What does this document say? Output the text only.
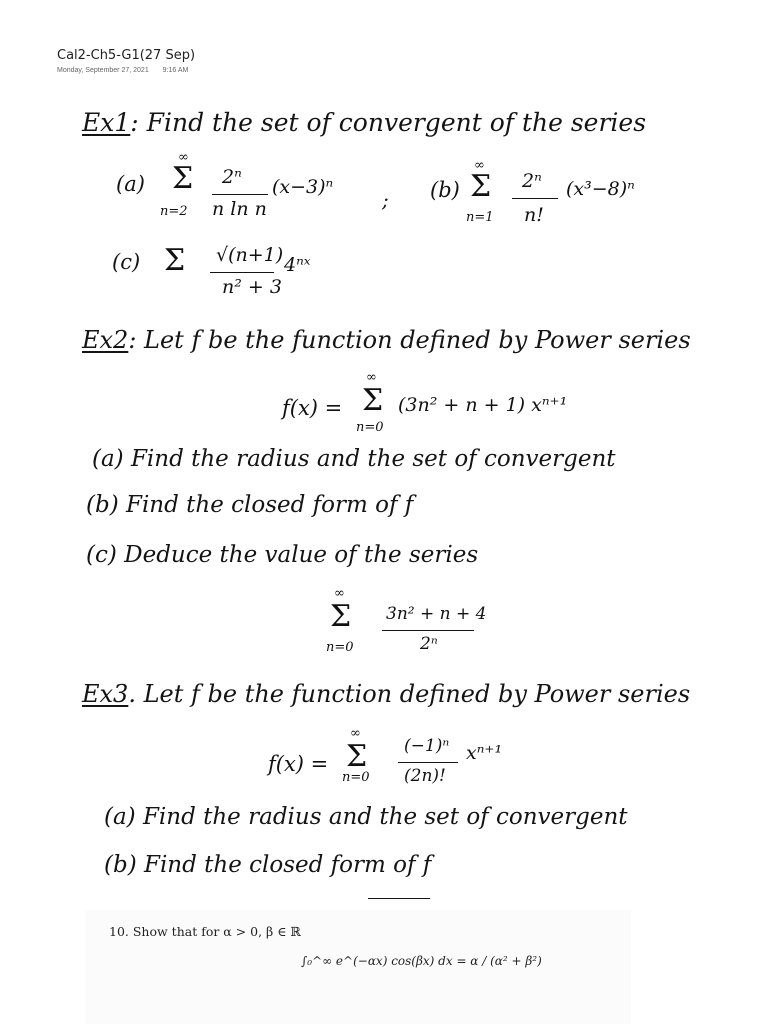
Cal2-Ch5-G1(27 Sep)
Monday, September 27, 2021 9:16 AM
Ex1: Find the set of convergent of the series
(a)
∞
Σ
n=2
2ⁿ
n ln n
(x−3)ⁿ
; (b)
∞
Σ
n=1
2ⁿ
n!
(x³−8)ⁿ
(c) Σ √(n+1)
n² + 3
4ⁿˣ
Ex2: Let f be the function defined by Power series
f(x) =
∞
Σ
n=0
(3n² + n + 1) xⁿ⁺¹
(a) Find the radius and the set of convergent
(b) Find the closed form of f
(c) Deduce the value of the series
∞
Σ
n=0
3n² + n + 4
2ⁿ
Ex3. Let f be the function defined by Power series
f(x) =
∞
Σ
n=0
(−1)ⁿ
(2n)!
xⁿ⁺¹
(a) Find the radius and the set of convergent
(b) Find the closed form of f
10. Show that for α > 0, β ∈ ℝ
∫₀^∞ e^(−αx) cos(βx) dx = α / (α² + β²)
